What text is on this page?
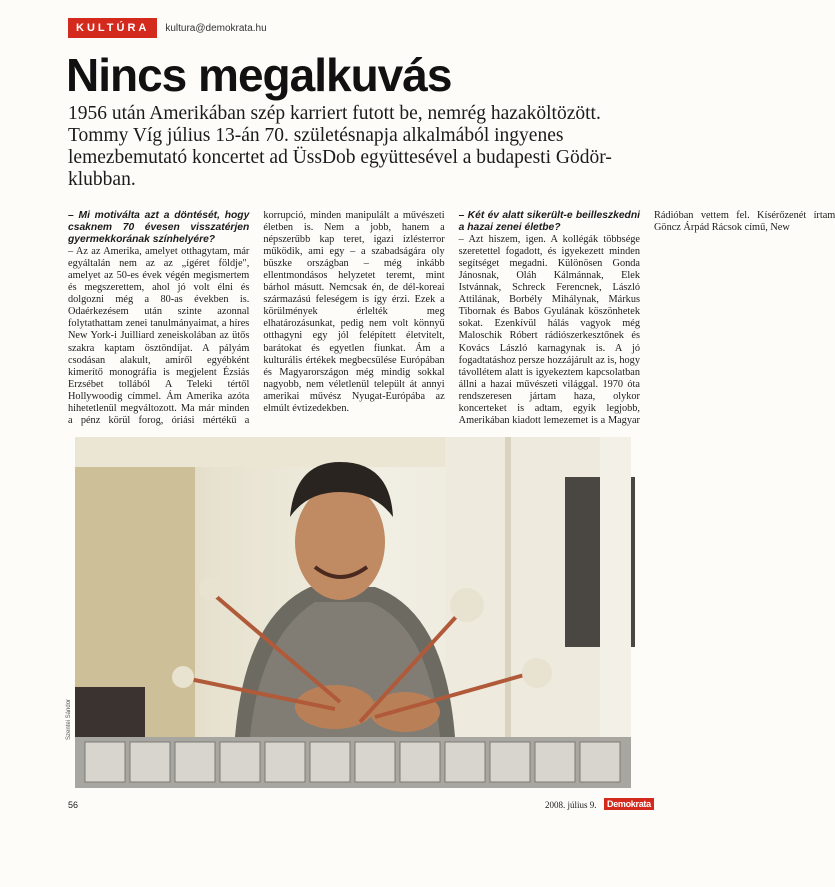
KULTÚRA	kultura@demokrata.hu
Nincs megalkuvás

1956 után Amerikában szép karriert futott be, nemrég hazaköltözött. Tommy Víg július 13-án 70. születésnapja alkalmából ingyenes lemezbemutató koncertet ad ÜssDob együttesével a budapesti Gödör-klubban.

– Mi motiválta azt a döntését, hogy csaknem 70 évesen visszatérjen gyermekkorának színhelyére?

– Az az Amerika, amelyet otthagytam, már egyáltalán nem az az „ígéret földje", amelyet az 50-es évek végén megismertem és megszerettem, ahol jó volt élni és dolgozni még a 80-as években is. Odaérkezésem után szinte azonnal folytathattam zenei tanulmányaimat, a híres New York-i Juilliard zeneiskolában az ütős szakra kaptam ösztöndíjat. A pályám csodásan alakult, amiről egyébként kimerítő monográfia is megjelent Ézsiás Erzsébet tollából A Teleki tértől Hollywoodig címmel. Ám Amerika azóta hihetetlenül megváltozott. Ma már minden a pénz körül forog, óriási mértékű a korrupció, minden manipulált a művészeti életben is. Nem a jobb, hanem a népszerűbb kap teret, igazi ízlésterror működik, ami egy – a szabadságára oly büszke országban – még inkább ellentmondásos helyzetet teremt, mint bárhol másutt. Nemcsak én, de dél-koreai származású feleségem is így érzi. Ezek a körülmények érlelték meg elhatározásunkat, pedig nem volt könnyű otthagyni egy jól felépített életvitelt, barátokat és egyetlen fiunkat. Ám a kulturális értékek megbecsülése Európában és Magyarországon még mindig sokkal nagyobb, nem véletlenül települt át annyi amerikai művész Nyugat-Európába az elmúlt évtizedekben.

– Két év alatt sikerült-e beilleszkedni a hazai zenei életbe?

– Azt hiszem, igen. A kollégák többsége szeretettel fogadott, és igyekezett minden segítséget megadni. Különösen Gonda Jánosnak, Oláh Kálmánnak, Elek Istvánnak, Schreck Ferencnek, László Attilának, Borbély Mihálynak, Márkus Tibornak és Babos Gyulának köszönhetek sokat. Ezenkívül hálás vagyok még Maloschik Róbert rádiószerkesztőnek és Kovács László karnagynak is. A jó fogadtatáshoz persze hozzájárult az is, hogy távollétem alatt is igyekeztem kapcsolatban állni a hazai művészeti világgal. 1970 óta rendszeresen jártam haza, olykor koncerteket is adtam, egyik legjobb, Amerikában kiadott lemezemet is a Magyar Rádióban vettem fel. Kísérőzenét írtam Göncz Árpád Rácsok című, New

Szentei Sándor
56	2008. július 9.	Demokrata
